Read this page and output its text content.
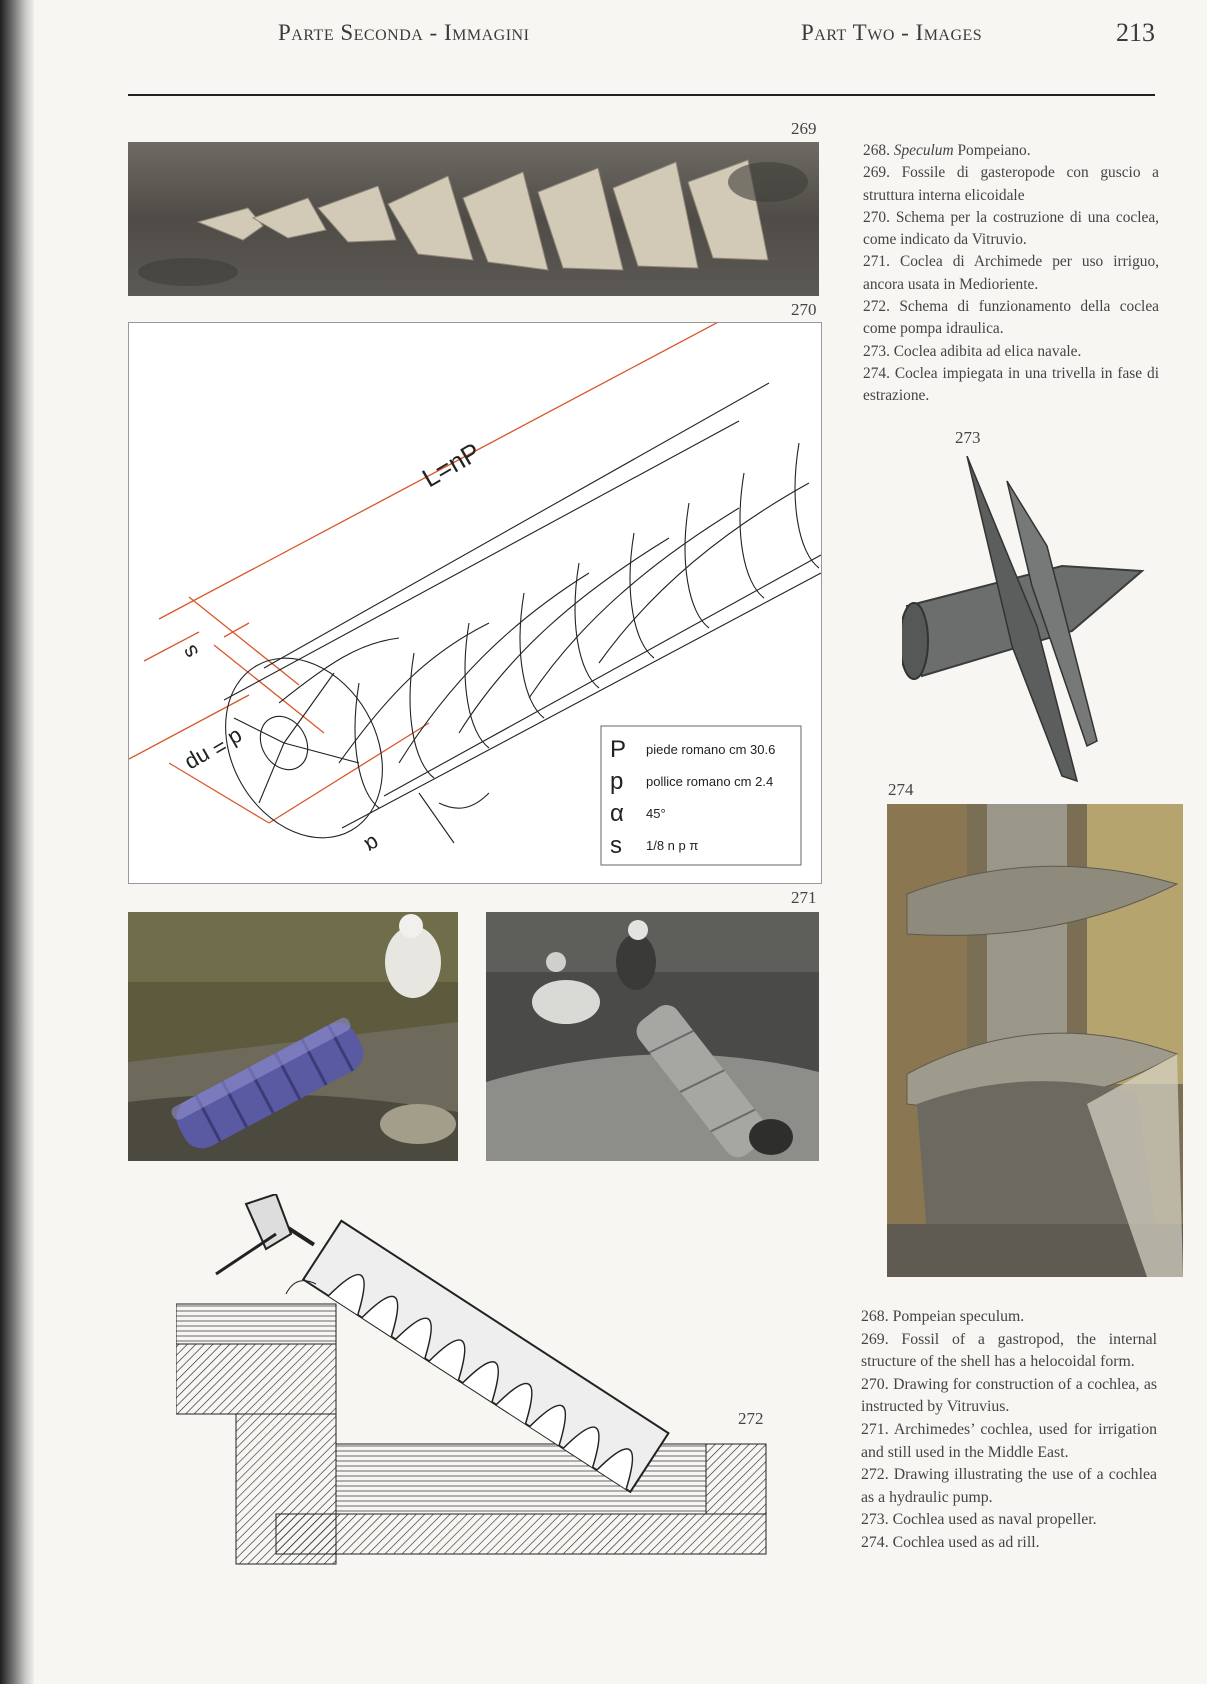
Parte Seconda - Immagini	Part Two - Images	213
269
270
L=nP
s
d = np
α
P piede romano cm 30.6
p pollice romano cm 2.4
α 45°
s 1/8 n p π
271
272
273
274
268. Speculum Pompeiano.
269. Fossile di gasteropode con guscio a struttura interna elicoidale
270. Schema per la costruzione di una coclea, come indicato da Vitruvio.
271. Coclea di Archimede per uso irriguo, ancora usata in Medioriente.
272. Schema di funzionamento della coclea come pompa idraulica.
273. Coclea adibita ad elica navale.
274. Coclea impiegata in una trivella in fase di estrazione.
268. Pompeian speculum.
269. Fossil of a gastropod, the internal structure of the shell has a helocoidal form.
270. Drawing for construction of a cochlea, as instructed by Vitruvius.
271. Archimedes’ cochlea, used for irrigation and still used in the Middle East.
272. Drawing illustrating the use of a cochlea as a hydraulic pump.
273. Cochlea used as naval propeller.
274. Cochlea used as ad rill.
